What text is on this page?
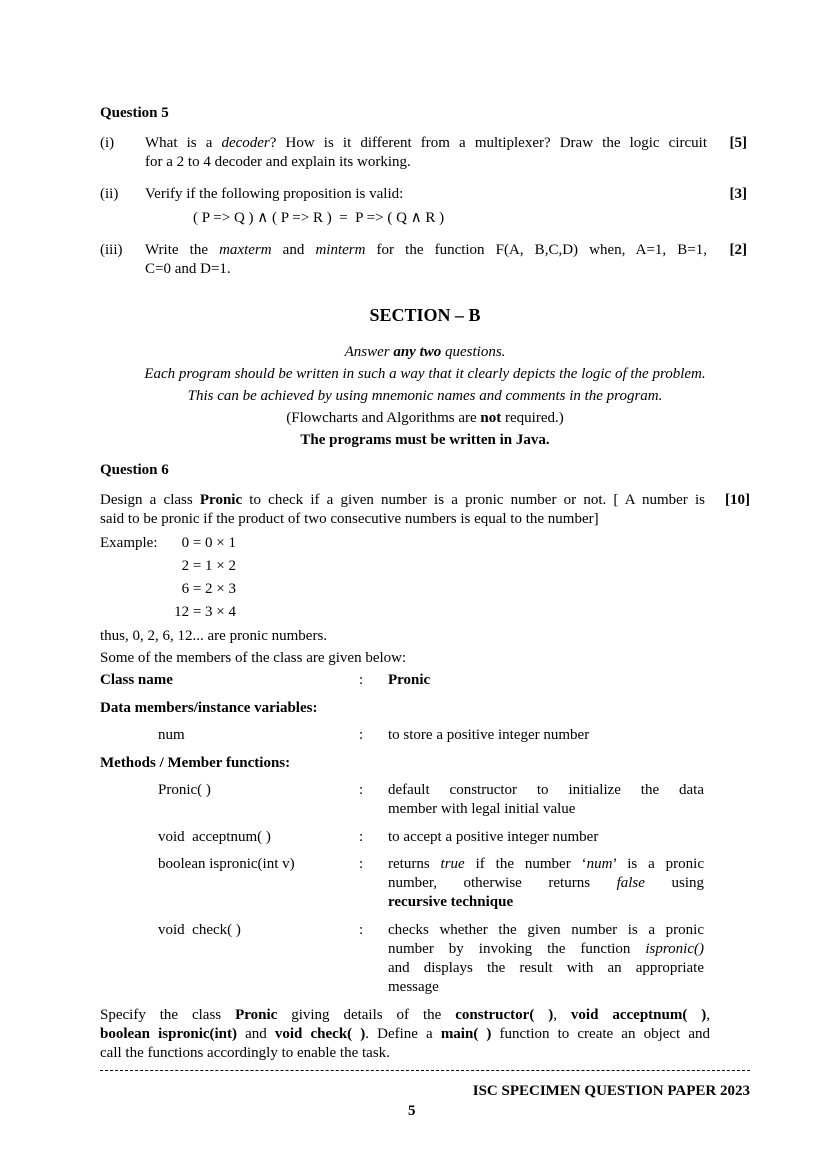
Question 5
(i) What is a decoder? How is it different from a multiplexer? Draw the logic circuit
for a 2 to 4 decoder and explain its working.
[5]
(ii) Verify if the following proposition is valid:
( P => Q ) ∧ ( P => R )  =  P => ( Q ∧ R )
[3]
(iii) Write the maxterm and minterm for the function F(A, B,C,D) when, A=1, B=1,
C=0 and D=1.
[2]
SECTION – B
Answer any two questions.
Each program should be written in such a way that it clearly depicts the logic of the problem.
This can be achieved by using mnemonic names and comments in the program.
(Flowcharts and Algorithms are not required.)
The programs must be written in Java.
Question 6
Design a class Pronic to check if a given number is a pronic number or not. [ A number is
said to be pronic if the product of two consecutive numbers is equal to the number]
[10]
Example: 0 = 0 × 1
2 = 1 × 2
6 = 2 × 3
12 = 3 × 4
thus, 0, 2, 6, 12... are pronic numbers.
Some of the members of the class are given below:
Class name	: Pronic
Data members/instance variables:
num	: to store a positive integer number
Methods / Member functions:
Pronic( )	: default constructor to initialize the data
member with legal initial value
void  acceptnum( )	: to accept a positive integer number
boolean ispronic(int v)	: returns true if the number ‘num’ is a pronic
number, otherwise returns false using
recursive technique
void  check( )	: checks whether the given number is a pronic
number by invoking the function ispronic()
and displays the result with an appropriate
message
Specify the class Pronic giving details of the constructor( ), void acceptnum( ),
boolean ispronic(int) and void check( ). Define a main( ) function to create an object and
call the functions accordingly to enable the task.
ISC SPECIMEN QUESTION PAPER 2023
5
